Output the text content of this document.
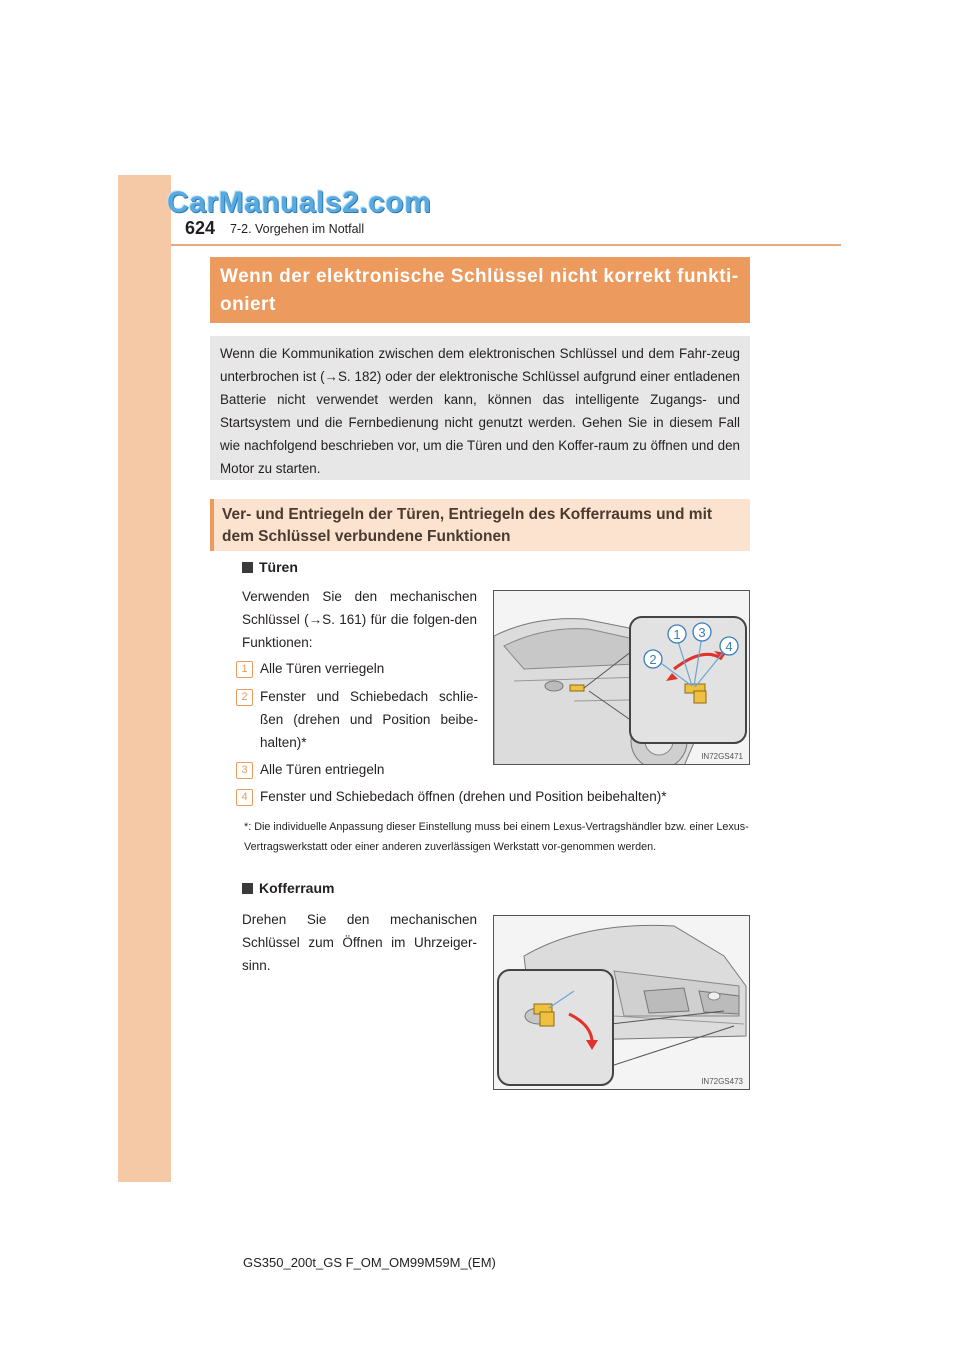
CarManuals2.com
624 7-2. Vorgehen im Notfall
Wenn der elektronische Schlüssel nicht korrekt funkti-oniert
Wenn die Kommunikation zwischen dem elektronischen Schlüssel und dem Fahr-zeug unterbrochen ist (→S. 182) oder der elektronische Schlüssel aufgrund einer entladenen Batterie nicht verwendet werden kann, können das intelligente Zugangs- und Startsystem und die Fernbedienung nicht genutzt werden. Gehen Sie in diesem Fall wie nachfolgend beschrieben vor, um die Türen und den Koffer-raum zu öffnen und den Motor zu starten.
Ver- und Entriegeln der Türen, Entriegeln des Kofferraums und mit dem Schlüssel verbundene Funktionen
Türen
Verwenden Sie den mechanischen Schlüssel (→S. 161) für die folgen-den Funktionen:
1 Alle Türen verriegeln
2 Fenster und Schiebedach schlie-ßen (drehen und Position beibe-halten)*
3 Alle Türen entriegeln
4 Fenster und Schiebedach öffnen (drehen und Position beibehalten)*
*: Die individuelle Anpassung dieser Einstellung muss bei einem Lexus-Vertragshändler bzw. einer Lexus-Vertragswerkstatt oder einer anderen zuverlässigen Werkstatt vor-genommen werden.
1
2
3
4
IN72GS471
Kofferraum
Drehen Sie den mechanischen Schlüssel zum Öffnen im Uhrzeiger-sinn.
IN72GS473
GS350_200t_GS F_OM_OM99M59M_(EM)
